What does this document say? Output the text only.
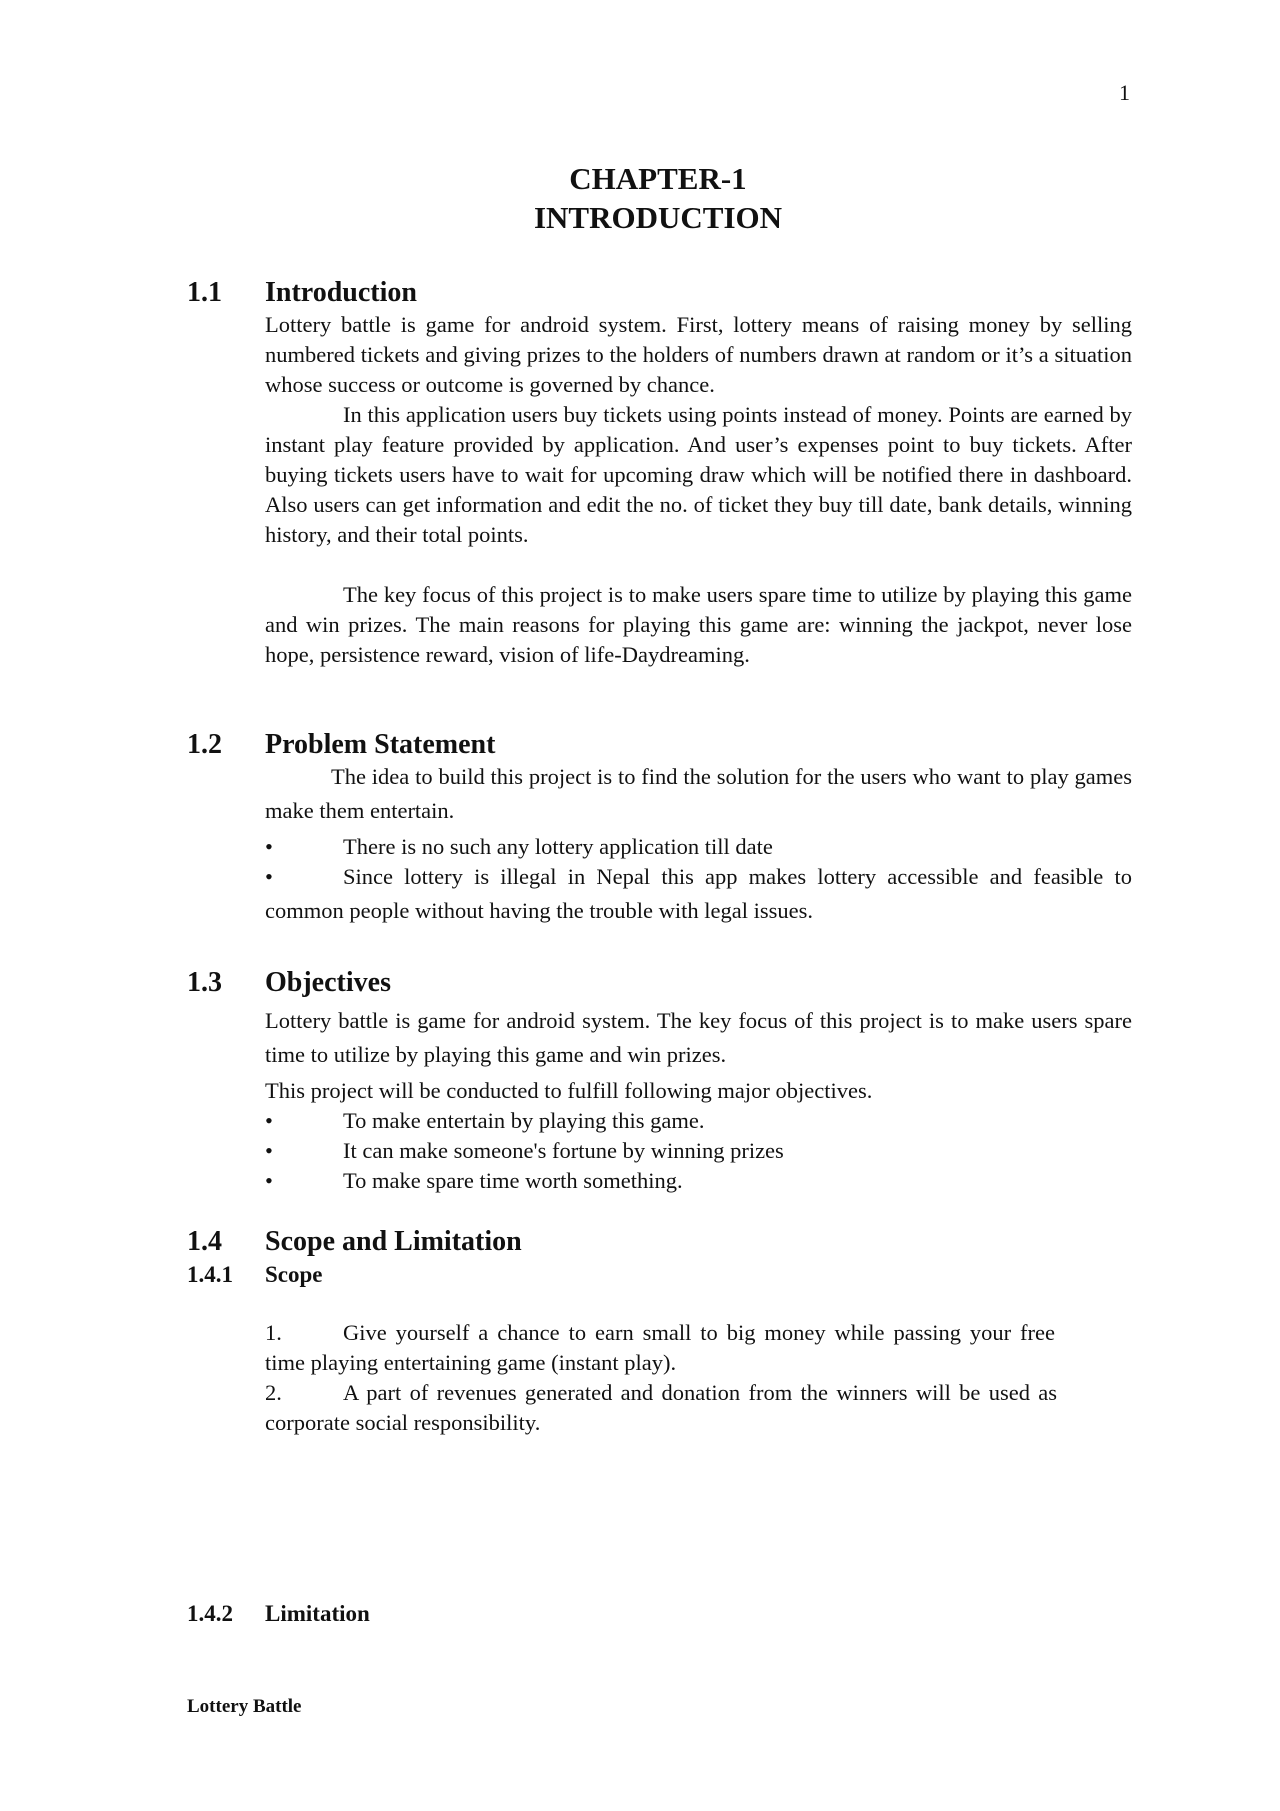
1
CHAPTER-1
INTRODUCTION
1.1 Introduction

Lottery battle is game for android system. First, lottery means of raising money by selling numbered tickets and giving prizes to the holders of numbers drawn at random or it’s a situation whose success or outcome is governed by chance.

In this application users buy tickets using points instead of money. Points are earned by instant play feature provided by application. And user’s expenses point to buy tickets. After buying tickets users have to wait for upcoming draw which will be notified there in dashboard. Also users can get information and edit the no. of ticket they buy till date, bank details, winning history, and their total points.

The key focus of this project is to make users spare time to utilize by playing this game and win prizes. The main reasons for playing this game are: winning the jackpot, never lose hope, persistence reward, vision of life-Daydreaming.

1.2 Problem Statement

The idea to build this project is to find the solution for the users who want to play games make them entertain.

•	There is no such any lottery application till date
•	Since lottery is illegal in Nepal this app makes lottery accessible and feasible to common people without having the trouble with legal issues.
1.3 Objectives

Lottery battle is game for android system. The key focus of this project is to make users spare time to utilize by playing this game and win prizes.

This project will be conducted to fulfill following major objectives.

•	To make entertain by playing this game.
•	It can make someone's fortune by winning prizes
•	To make spare time worth something.
1.4 Scope and Limitation
1.4.1 Scope
1.	Give yourself a chance to earn small to big money while passing your free time playing entertaining game (instant play).
2.	A part of revenues generated and donation from the winners will be used as corporate social responsibility.
1.4.2 Limitation
Lottery Battle
